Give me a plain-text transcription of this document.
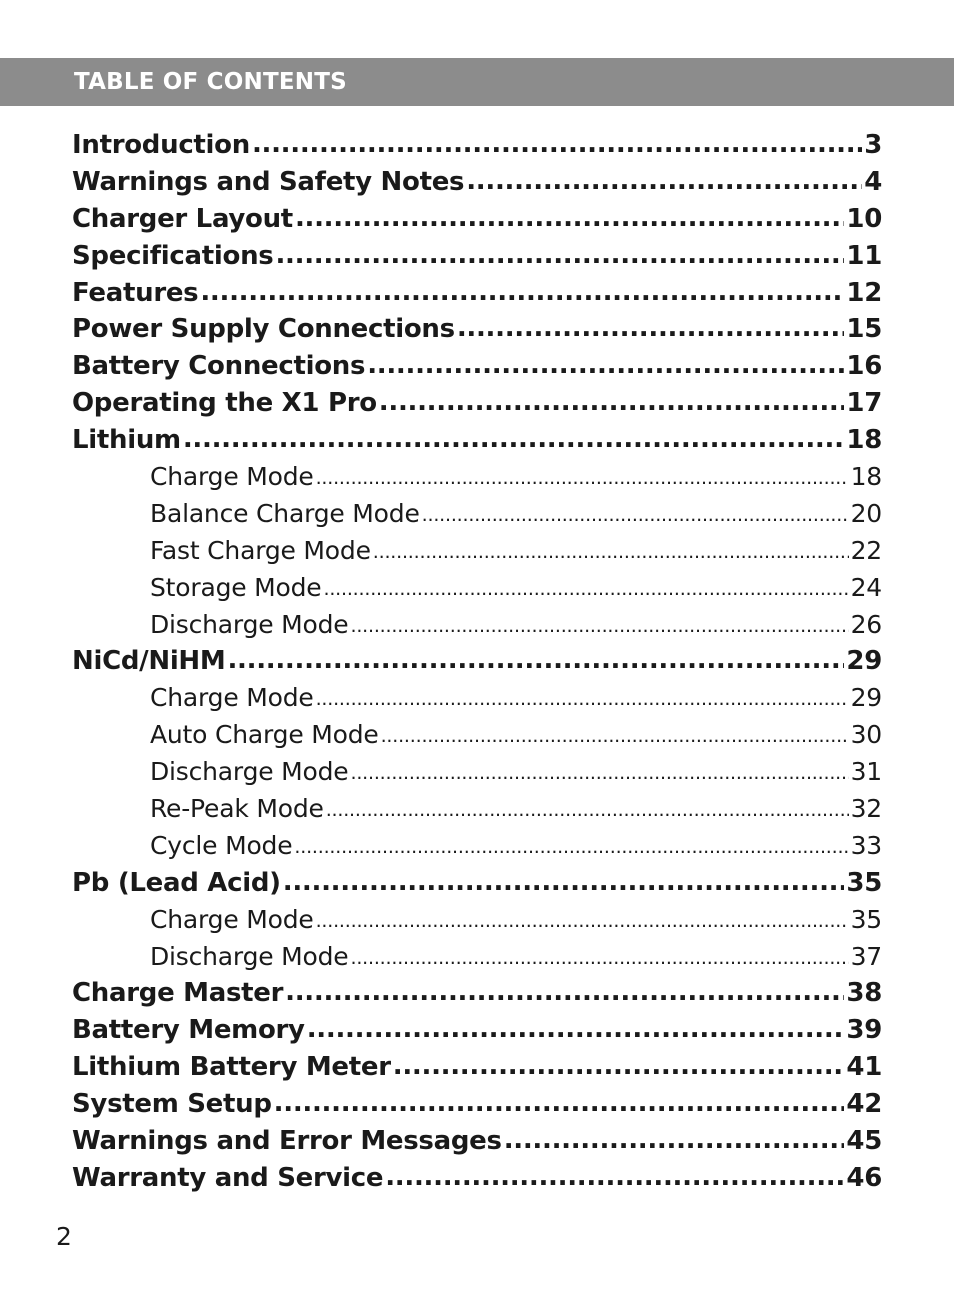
TABLE OF CONTENTS
Introduction .....	3
Warnings and Safety Notes .....	4
Charger Layout .....	10
Specifications .....	11
Features .....	12
Power Supply Connections .....	15
Battery Connections .....	16
Operating the X1 Pro .....	17
Lithium .....	18
Charge Mode .....	18
Balance Charge Mode .....	20
Fast Charge Mode .....	22
Storage Mode .....	24
Discharge Mode .....	26
NiCd/NiHM .....	29
Charge Mode .....	29
Auto Charge Mode .....	30
Discharge Mode .....	31
Re-Peak Mode .....	32
Cycle Mode .....	33
Pb (Lead Acid) .....	35
Charge Mode .....	35
Discharge Mode .....	37
Charge Master .....	38
Battery Memory .....	39
Lithium Battery Meter .....	41
System Setup .....	42
Warnings and Error Messages .....	45
Warranty and Service .....	46
2
